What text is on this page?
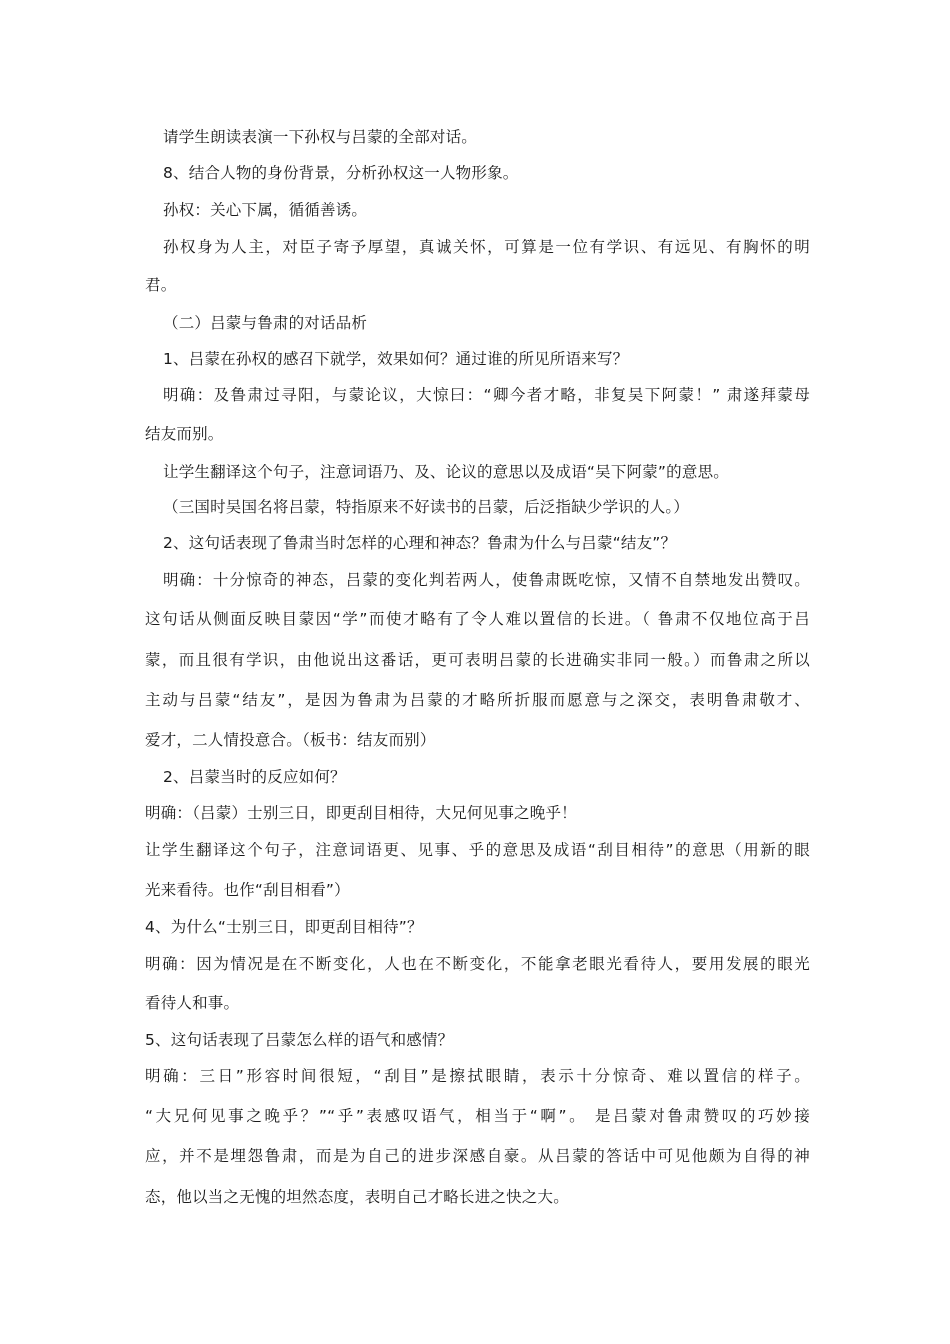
请学生朗读表演一下孙权与吕蒙的全部对话。
8、结合人物的身份背景，分析孙权这一人物形象。
孙权：关心下属，循循善诱。
孙权身为人主，对臣子寄予厚望，真诚关怀，可算是一位有学识、有远见、有胸怀的明
君。
（二）吕蒙与鲁肃的对话品析
1、吕蒙在孙权的感召下就学，效果如何？通过谁的所见所语来写？
明确：及鲁肃过寻阳，与蒙论议，大惊曰：“卿今者才略，非复吴下阿蒙！” 肃遂拜蒙母
结友而别。
让学生翻译这个句子，注意词语乃、及、论议的意思以及成语“吴下阿蒙”的意思。
（三国时吴国名将吕蒙，特指原来不好读书的吕蒙，后泛指缺少学识的人。）
2、这句话表现了鲁肃当时怎样的心理和神态？鲁肃为什么与吕蒙“结友”？
明确：十分惊奇的神态，吕蒙的变化判若两人，使鲁肃既吃惊，又情不自禁地发出赞叹。
这句话从侧面反映目蒙因“学”而使才略有了令人难以置信的长进。（ 鲁肃不仅地位高于吕
蒙，而且很有学识，由他说出这番话，更可表明吕蒙的长进确实非同一般。）而鲁肃之所以
主动与吕蒙“结友”，是因为鲁肃为吕蒙的才略所折服而愿意与之深交，表明鲁肃敬才、
爱才，二人情投意合。（板书：结友而别）
2、吕蒙当时的反应如何？
明确：（吕蒙）士别三日，即更刮目相待，大兄何见事之晚乎！
让学生翻译这个句子，注意词语更、见事、乎的意思及成语“刮目相待”的意思（用新的眼
光来看待。也作“刮目相看”）
4、为什么“士别三日，即更刮目相待”？
明确：因为情况是在不断变化，人也在不断变化，不能拿老眼光看待人，要用发展的眼光
看待人和事。
5、这句话表现了吕蒙怎么样的语气和感情？
明确：三日”形容时间很短，“刮目”是擦拭眼睛，表示十分惊奇、难以置信的样子。
“大兄何见事之晚乎？”“乎”表感叹语气，相当于“啊”。 是吕蒙对鲁肃赞叹的巧妙接
应，并不是埋怨鲁肃，而是为自己的进步深感自豪。从吕蒙的答话中可见他颇为自得的神
态，他以当之无愧的坦然态度，表明自己才略长进之快之大。
